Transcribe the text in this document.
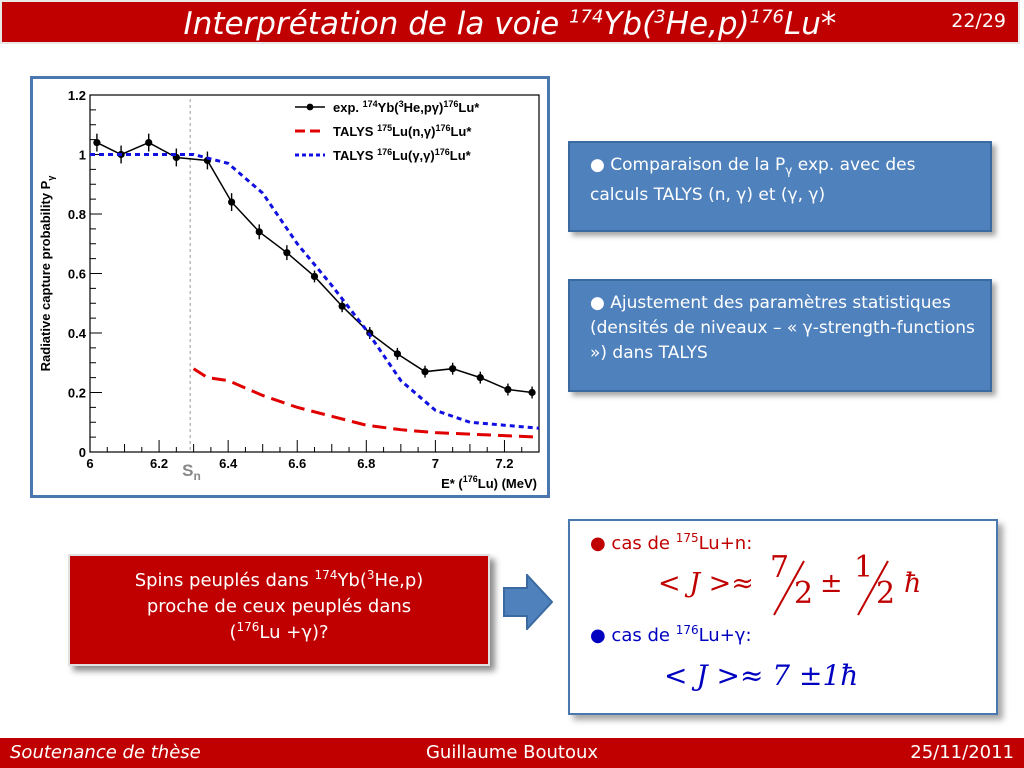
Interprétation de la voie $^{174}Yb(^3He,p)^{176}Lu*$	22/29
6	6.2	6.4	6.6	6.8	7	7.2
0
0.2
0.4
0.6
0.8
1
1.2
Radiative capture probability $P_\gamma$
E* ($^{176}$Lu) (MeV)
$S_n$
exp. $^{174}Yb(^3He,p\gamma)^{176}Lu*$
TALYS $^{175}Lu(n,\gamma)^{176}Lu*$
TALYS $^{176}Lu(\gamma,\gamma)^{176}Lu*$	● Comparaison de la $P_\gamma$ exp. avec des calculs TALYS (n, γ) et (γ, γ)
● Ajustement des paramètres statistiques (densités de niveaux – « γ-strength-functions ») dans TALYS
Spins peuplés dans $^{174}$Yb($^3$He,p)
proche de ceux peuplés dans
($^{176}$Lu +γ)?
● cas de $^{175}$Lu+n:
< J >≈ 7
2 ± 1
2 ħ
● cas de $^{176}$Lu+γ:
< J >≈ 7 ±1ħ
Soutenance de thèse	Guillaume Boutoux	25/11/2011
